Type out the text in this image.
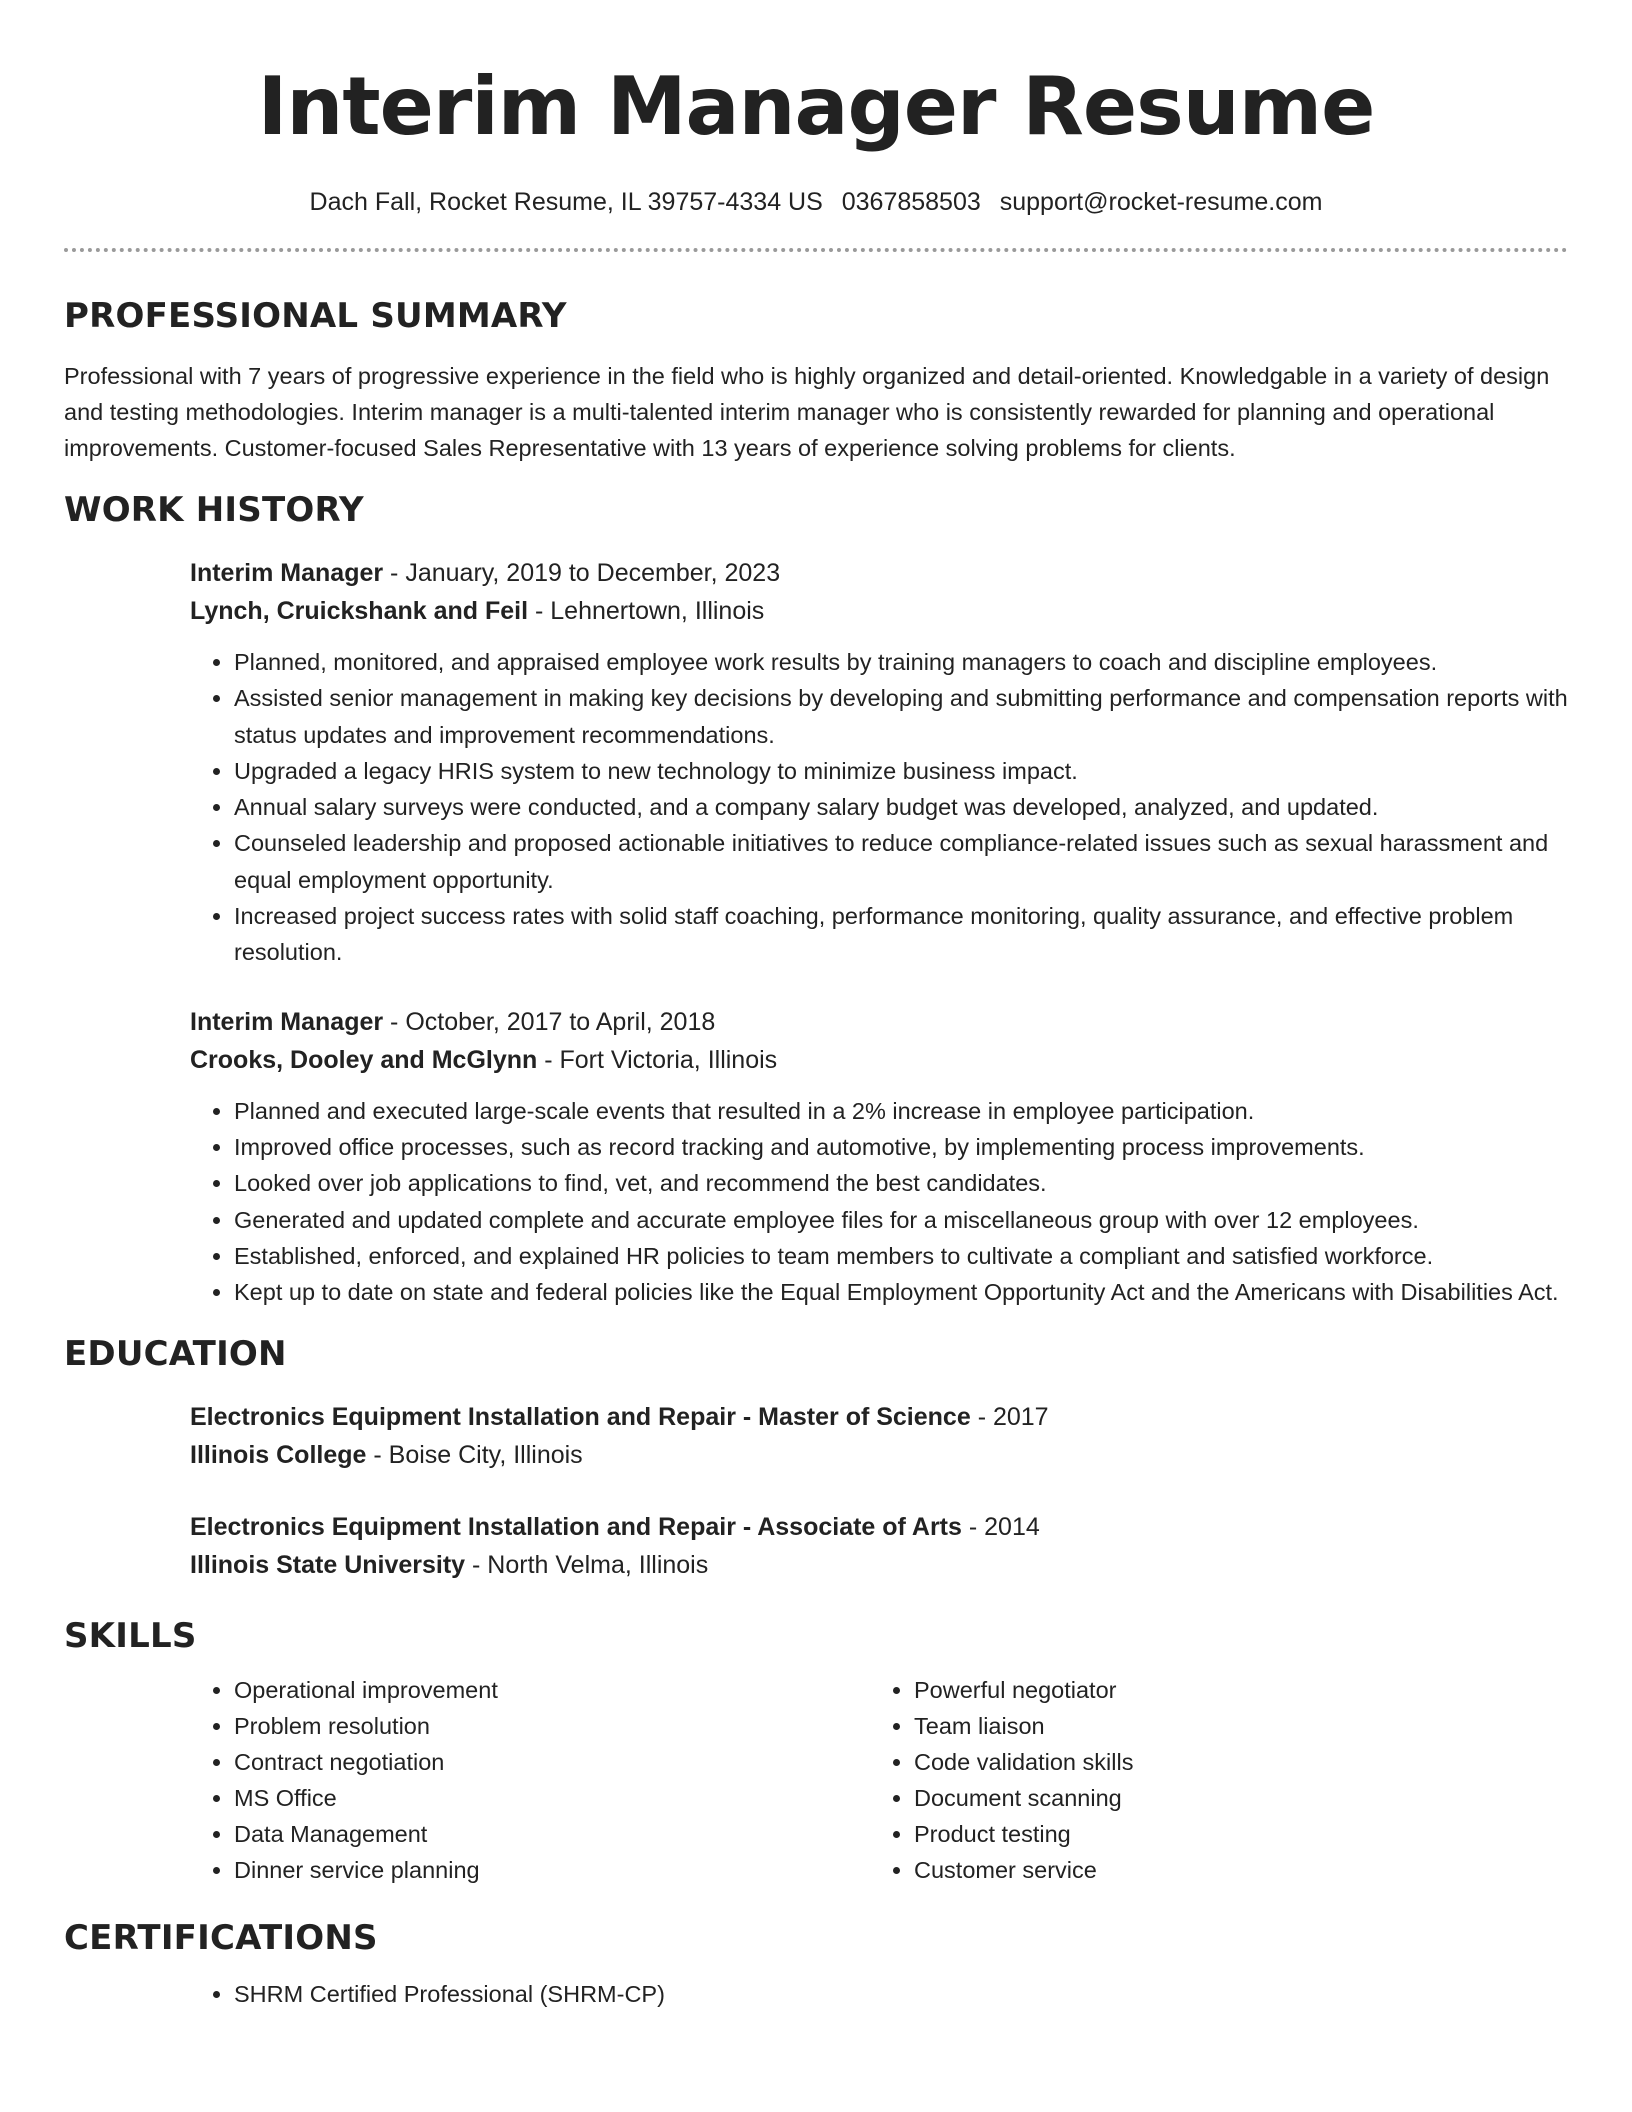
Interim Manager Resume
Dach Fall, Rocket Resume, IL 39757-4334 US 0367858503 support@rocket-resume.com
PROFESSIONAL SUMMARY

Professional with 7 years of progressive experience in the field who is highly organized and detail-oriented. Knowledgable in a variety of design and testing methodologies. Interim manager is a multi-talented interim manager who is consistently rewarded for planning and operational improvements. Customer-focused Sales Representative with 13 years of experience solving problems for clients.

WORK HISTORY

Interim Manager - January, 2019 to December, 2023

Lynch, Cruickshank and Feil - Lehnertown, Illinois

• Planned, monitored, and appraised employee work results by training managers to coach and discipline employees.
• Assisted senior management in making key decisions by developing and submitting performance and compensation reports with status updates and improvement recommendations.
• Upgraded a legacy HRIS system to new technology to minimize business impact.
• Annual salary surveys were conducted, and a company salary budget was developed, analyzed, and updated.
• Counseled leadership and proposed actionable initiatives to reduce compliance-related issues such as sexual harassment and equal employment opportunity.
• Increased project success rates with solid staff coaching, performance monitoring, quality assurance, and effective problem resolution.

Interim Manager - October, 2017 to April, 2018

Crooks, Dooley and McGlynn - Fort Victoria, Illinois

• Planned and executed large-scale events that resulted in a 2% increase in employee participation.
• Improved office processes, such as record tracking and automotive, by implementing process improvements.
• Looked over job applications to find, vet, and recommend the best candidates.
• Generated and updated complete and accurate employee files for a miscellaneous group with over 12 employees.
• Established, enforced, and explained HR policies to team members to cultivate a compliant and satisfied workforce.
• Kept up to date on state and federal policies like the Equal Employment Opportunity Act and the Americans with Disabilities Act.
EDUCATION

Electronics Equipment Installation and Repair - Master of Science - 2017

Illinois College - Boise City, Illinois

Electronics Equipment Installation and Repair - Associate of Arts - 2014

Illinois State University - North Velma, Illinois

SKILLS
• Operational improvement
• Problem resolution
• Contract negotiation
• MS Office
• Data Management
• Dinner service planning
• Powerful negotiator
• Team liaison
• Code validation skills
• Document scanning
• Product testing
• Customer service
CERTIFICATIONS
• SHRM Certified Professional (SHRM-CP)
